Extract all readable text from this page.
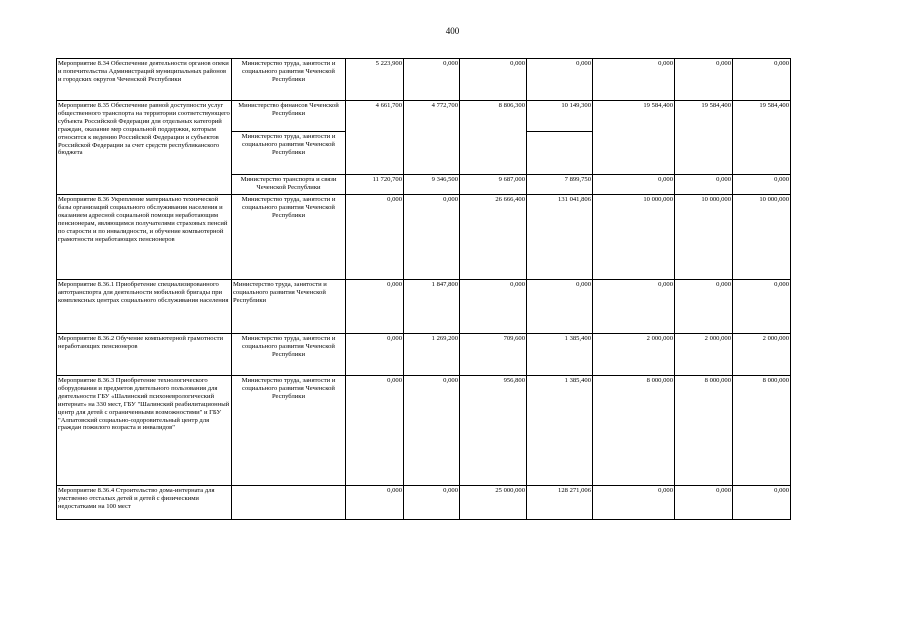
400
Мероприятие 8.34 Обеспечение деятельности органов опеки и попечительства Администраций муниципальных районов и городских округов Чеченской Республики	Министерство труда, занятости и социального развития Чеченской Республики	5 223,900	0,000	0,000	0,000	0,000	0,000	0,000
Мероприятие 8.35 Обеспечение равной доступности услуг общественного транспорта на территории соответствующего субъекта Российской Федерации для отдельных категорий граждан, оказание мер социальной поддержки, которым относится к ведению Российской Федерации и субъектов Российской Федерации за счет средств республиканского бюджета	Министерство финансов Чеченской Республики	4 661,700	4 772,700	8 806,300	10 149,300	19 584,400	19 584,400	19 584,400
	Министерство труда, занятости и социального развития Чеченской Республики							
	Министерство транспорта и связи Чеченской Республики	11 720,700	9 346,500	9 687,000	7 899,750	0,000	0,000	0,000
Мероприятие 8.36 Укрепление материально технической базы организаций социального обслуживания населения и оказанием адресной социальной помощи неработающим пенсионерам, являющимся получателями страховых пенсий по старости и по инвалидности, и обучение компьютерной грамотности неработающих пенсионеров	Министерство труда, занятости и социального развития Чеченской Республики	0,000	0,000	26 666,400	131 041,806	10 000,000	10 000,000	10 000,000
Мероприятие 8.36.1 Приобретение специализированного автотранспорта для деятельности мобильной бригады при комплексных центрах социального обслуживания населения	Министерство труда, занятости и социального развития Чеченской Республики	0,000	1 847,800	0,000	0,000	0,000	0,000	0,000
Мероприятие 8.36.2 Обучение компьютерной грамотности неработающих пенсионеров	Министерство труда, занятости и социального развития Чеченской Республики	0,000	1 269,200	709,600	1 385,400	2 000,000	2 000,000	2 000,000
Мероприятие 8.36.3 Приобретение технологического оборудования и предметов длительного пользования для деятельности ГБУ «Шалинский психоневрологический интернат» на 330 мест, ГБУ "Шалинский реабилитационный центр для детей с ограниченными возможностями" и ГБУ "Алпатовский социально-оздоровительный центр для граждан пожилого возраста и инвалидов"	Министерство труда, занятости и социального развития Чеченской Республики	0,000	0,000	956,800	1 385,400	8 000,000	8 000,000	8 000,000
Мероприятие 8.36.4 Строительство дома-интерната для умственно отсталых детей и детей с физическими недостатками на 100 мест		0,000	0,000	25 000,000	128 271,006	0,000	0,000	0,000
